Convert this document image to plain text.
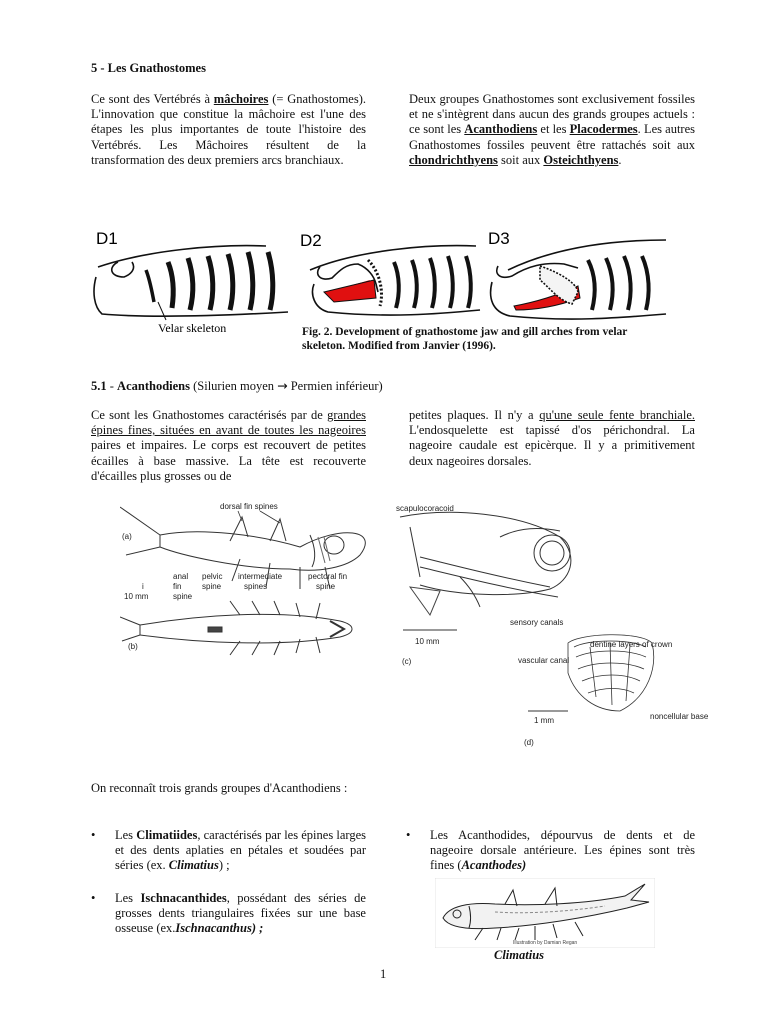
5 - Les Gnathostomes
Ce sont des Vertébrés à mâchoires (= Gnathostomes). L'innovation que constitue la mâchoire est l'une des étapes les plus importantes de toute l'histoire des Vertébrés. Les Mâchoires résultent de la transformation des deux premiers arcs branchiaux.
Deux groupes Gnathostomes sont exclusivement fossiles et ne s'intègrent dans aucun des grands groupes actuels : ce sont les Acanthodiens et les Placodermes. Les autres Gnathostomes fossiles peuvent être rattachés soit aux chondrichthyens soit aux Osteichthyens.
D1	D2	D3
Velar skeleton	Fig. 2. Development of gnathostome jaw and gill arches from velar skeleton. Modified from Janvier (1996).
5.1 - Acanthodiens (Silurien moyen → Permien inférieur)
Ce sont les Gnathostomes caractérisés par de grandes épines fines, situées en avant de toutes les nageoires paires et impaires. Le corps est recouvert de petites écailles à base massive. La tête est recouverte d'écailles plus grosses ou de
petites plaques. Il n'y a qu'une seule fente branchiale. L'endosquelette est tapissé d'os périchondral. La nageoire caudale est epicèrque. Il y a primitivement deux nageoires dorsales.
(a)
dorsal fin spines
anal
fin
spine
pelvic
spine
intermediate
spines
pectoral fin
spine
i
10 mm
(b)
scapulocoracoid
sensory canals
10 mm
(c)
dentine layers of crown
vascular canal
1 mm
(d)
noncellular base
On reconnaît trois grands groupes d'Acanthodiens :
• Les Climatiides, caractérisés par les épines larges et des dents aplaties en pétales et soudées par séries (ex. Climatius) ;
• Les Ischnacanthides, possédant des séries de grosses dents triangulaires fixées sur une base osseuse (ex.Ischnacanthus) ;
• Les Acanthodides, dépourvus de dents et de nageoire dorsale antérieure. Les épines sont très fines (Acanthodes)
Illustration by Damian Regan
Climatius
1
